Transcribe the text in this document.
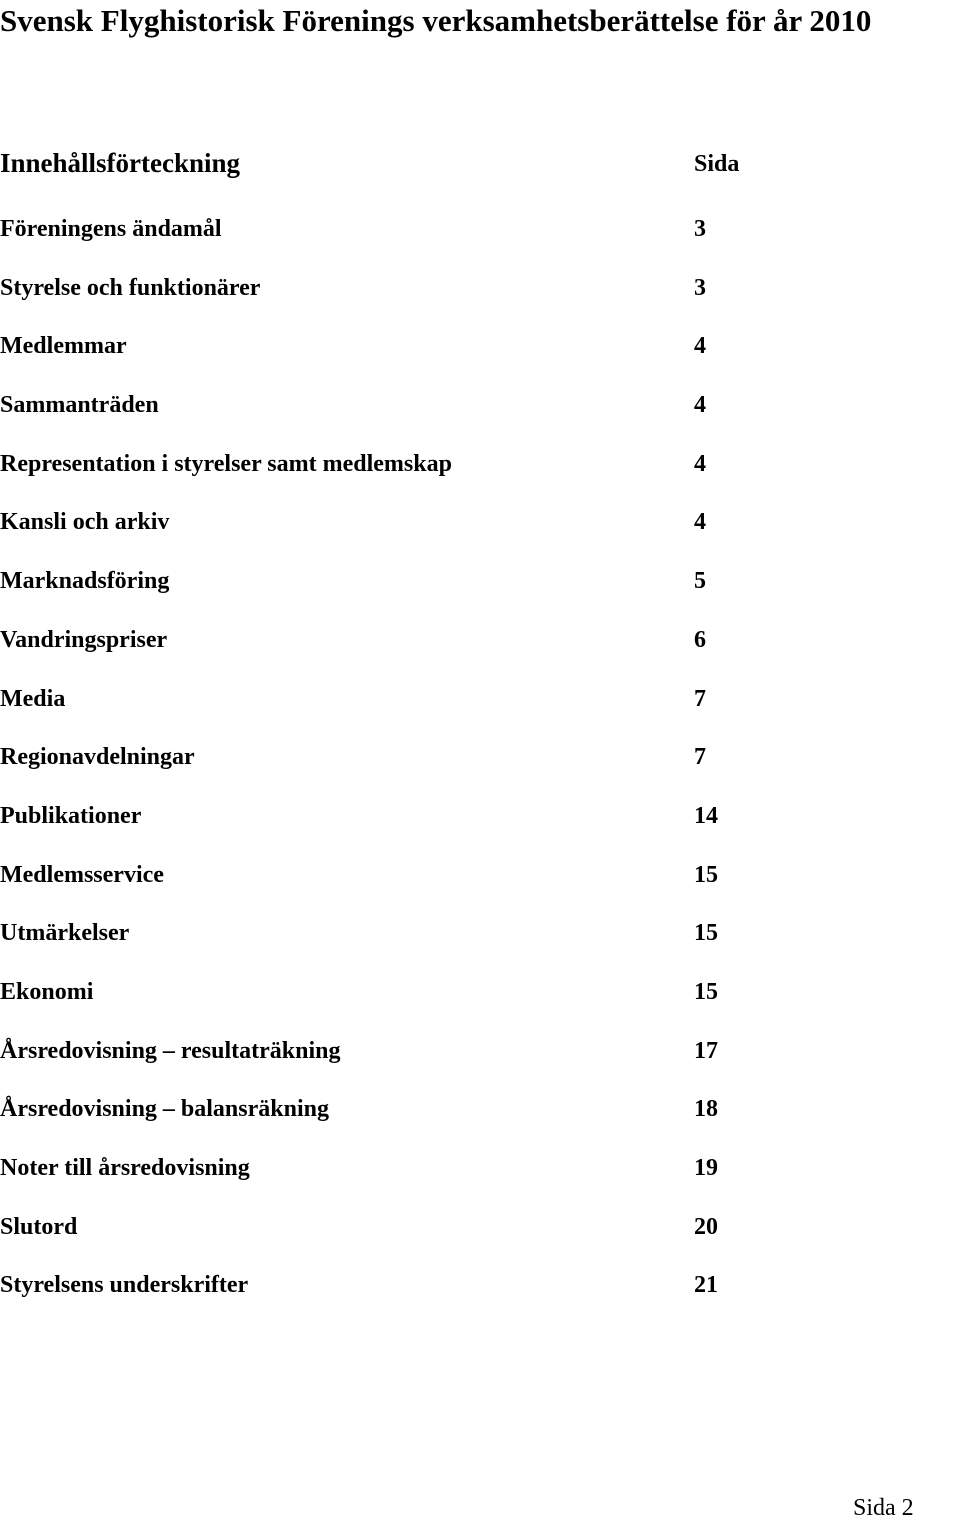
Svensk Flyghistorisk Förenings verksamhetsberättelse för år 2010
Innehållsförteckning	Sida
Föreningens ändamål	3
Styrelse och funktionärer	3
Medlemmar	4
Sammanträden	4
Representation i styrelser samt medlemskap	4
Kansli och arkiv	4
Marknadsföring	5
Vandringspriser	6
Media	7
Regionavdelningar	7
Publikationer	14
Medlemsservice	15
Utmärkelser	15
Ekonomi	15
Årsredovisning – resultaträkning	17
Årsredovisning – balansräkning	18
Noter till årsredovisning	19
Slutord	20
Styrelsens underskrifter	21
Sida 2
